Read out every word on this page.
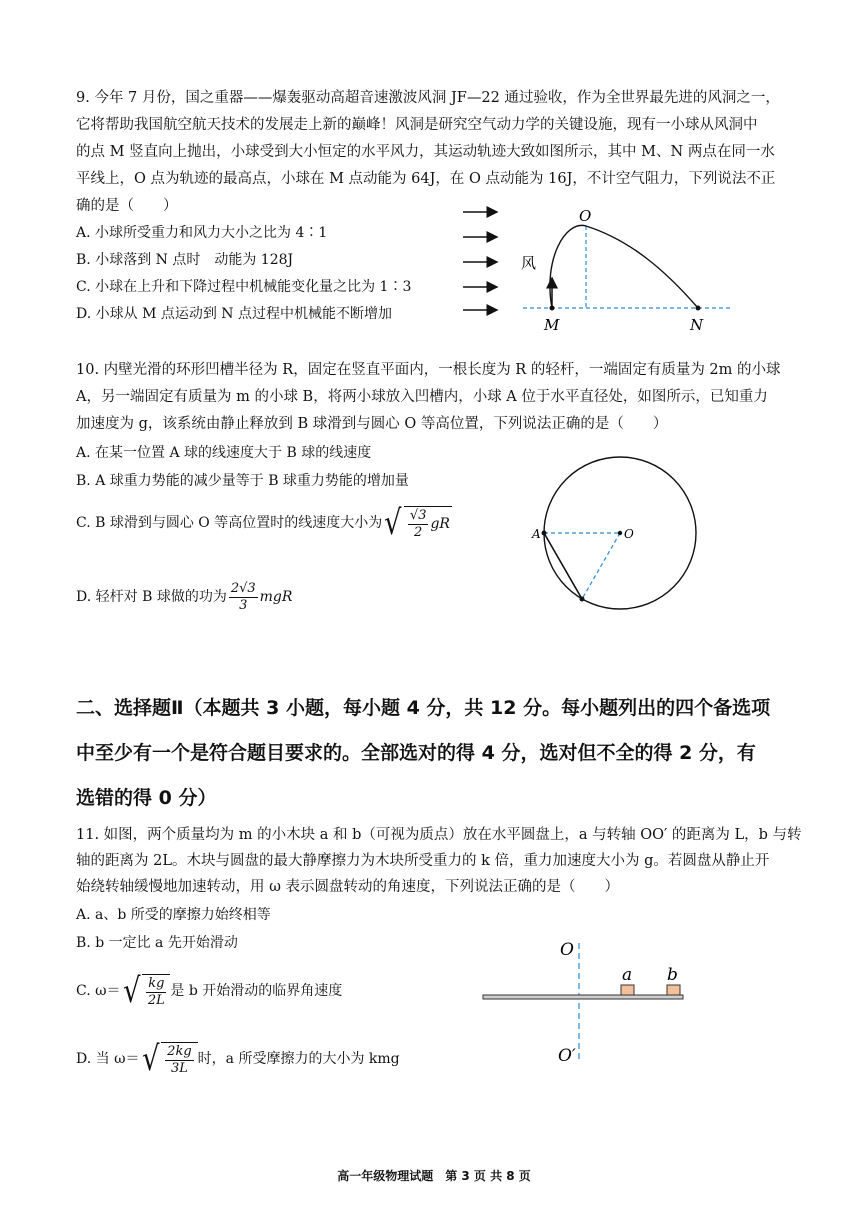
9. 今年 7 月份，国之重器——爆轰驱动高超音速激波风洞 JF—22 通过验收，作为全世界最先进的风洞之一，
它将帮助我国航空航天技术的发展走上新的巅峰！风洞是研究空气动力学的关键设施，现有一小球从风洞中
的点 M 竖直向上抛出，小球受到大小恒定的水平风力，其运动轨迹大致如图所示，其中 M、N 两点在同一水
平线上，O 点为轨迹的最高点，小球在 M 点动能为 64J，在 O 点动能为 16J，不计空气阻力，下列说法不正
确的是（　　）
A. 小球所受重力和风力大小之比为 4∶1
B. 小球落到 N 点时　动能为 128J
C. 小球在上升和下降过程中机械能变化量之比为 1∶3
D. 小球从 M 点运动到 N 点过程中机械能不断增加
O
风
M	N
10. 内壁光滑的环形凹槽半径为 R，固定在竖直平面内，一根长度为 R 的轻杆，一端固定有质量为 2m 的小球
A，另一端固定有质量为 m 的小球 B，将两小球放入凹槽内，小球 A 位于水平直径处，如图所示，已知重力
加速度为 g，该系统由静止释放到 B 球滑到与圆心 O 等高位置，下列说法正确的是（　　）
A. 在某一位置 A 球的线速度大于 B 球的线速度
B. A 球重力势能的减少量等于 B 球重力势能的增加量
C. B 球滑到与圆心 O 等高位置时的线速度大小为 √ $\frac{√3}{2}$ gR
D. 轻杆对 B 球做的功为 $\frac{2√3}{3}$ mgR
A	O
二、选择题Ⅱ（本题共 3 小题，每小题 4 分，共 12 分。每小题列出的四个备选项
中至少有一个是符合题目要求的。全部选对的得 4 分，选对但不全的得 2 分，有
选错的得 0 分）
11. 如图，两个质量均为 m 的小木块 a 和 b（可视为质点）放在水平圆盘上，a 与转轴 OO′ 的距离为 L，b 与转
轴的距离为 2L。木块与圆盘的最大静摩擦力为木块所受重力的 k 倍，重力加速度大小为 g。若圆盘从静止开
始绕转轴缓慢地加速转动，用 ω 表示圆盘转动的角速度，下列说法正确的是（　　）
A. a、b 所受的摩擦力始终相等
B. b 一定比 a 先开始滑动
C. ω＝ √ $\frac{kg}{2L}$ 是 b 开始滑动的临界角速度
D. 当 ω＝ √ $\frac{2kg}{3L}$ 时，a 所受摩擦力的大小为 kmg
O
O′
a b
高一年级物理试题　第 3 页 共 8 页
